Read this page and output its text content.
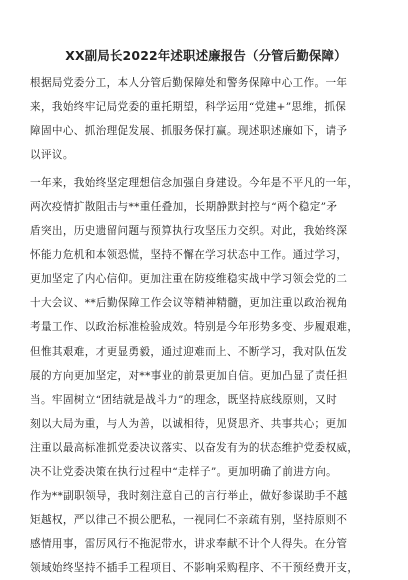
XX副局长2022年述职述廉报告（分管后勤保障）
根据局党委分工，本人分管后勤保障处和警务保障中心工作。一年
来，我始终牢记局党委的重托期望，科学运用“党建+”思维，抓保
障固中心、抓治理促发展、抓服务保打赢。现述职述廉如下，请予
以评议。
一年来，我始终坚定理想信念加强自身建设。今年是不平凡的一年，
两次疫情扩散阻击与**重任叠加，长期静默封控与“两个稳定”矛
盾突出，历史遗留问题与预算执行攻坚压力交织。对此，我始终深
怀能力危机和本领恐慌，坚持不懈在学习状态中工作。通过学习，
更加坚定了内心信仰。更加注重在防疫维稳实战中学习领会党的二
十大会议、**后勤保障工作会议等精神精髓，更加注重以政治视角
考量工作、以政治标准检验成效。特别是今年形势多变、步履艰难，
但惟其艰难，才更显勇毅，通过迎难而上、不断学习，我对队伍发
展的方向更加坚定，对**事业的前景更加自信。更加凸显了责任担
当。牢固树立“团结就是战斗力”的理念，既坚持底线原则，又时
刻以大局为重，与人为善，以诚相待，见贤思齐、共事共心；更加
注重以最高标准抓党委决议落实、以奋发有为的状态维护党委权威，
决不让党委决策在执行过程中“走样子”。更加明确了前进方向。
作为**副职领导，我时刻注意自己的言行举止，做好参谋助手不越
矩越权，严以律己不损公肥私，一视同仁不亲疏有别，坚持原则不
感情用事，雷厉风行不拖泥带水，讲求奉献不计个人得失。在分管
领域始终坚持不插手工程项目、不影响采购程序、不干预经费开支，
